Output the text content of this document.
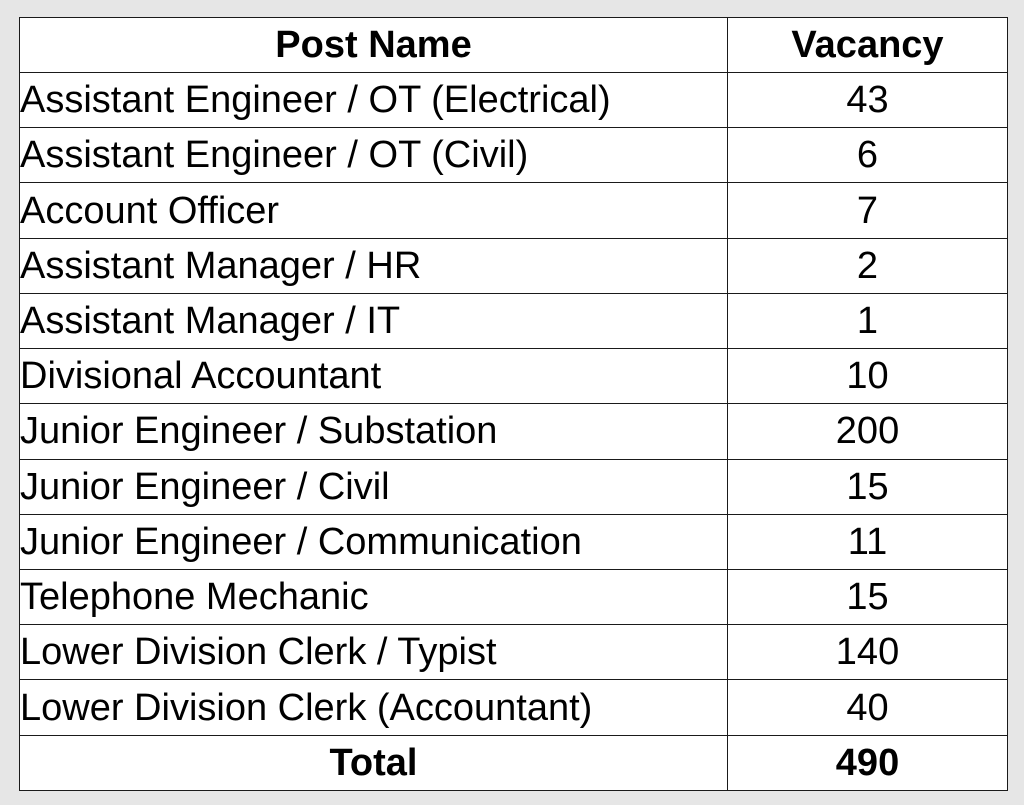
Post Name	Vacancy
Assistant Engineer / OT (Electrical)	43
Assistant Engineer / OT (Civil)	6
Account Officer	7
Assistant Manager / HR	2
Assistant Manager / IT	1
Divisional Accountant	10
Junior Engineer / Substation	200
Junior Engineer / Civil	15
Junior Engineer / Communication	11
Telephone Mechanic	15
Lower Division Clerk / Typist	140
Lower Division Clerk (Accountant)	40
Total	490
